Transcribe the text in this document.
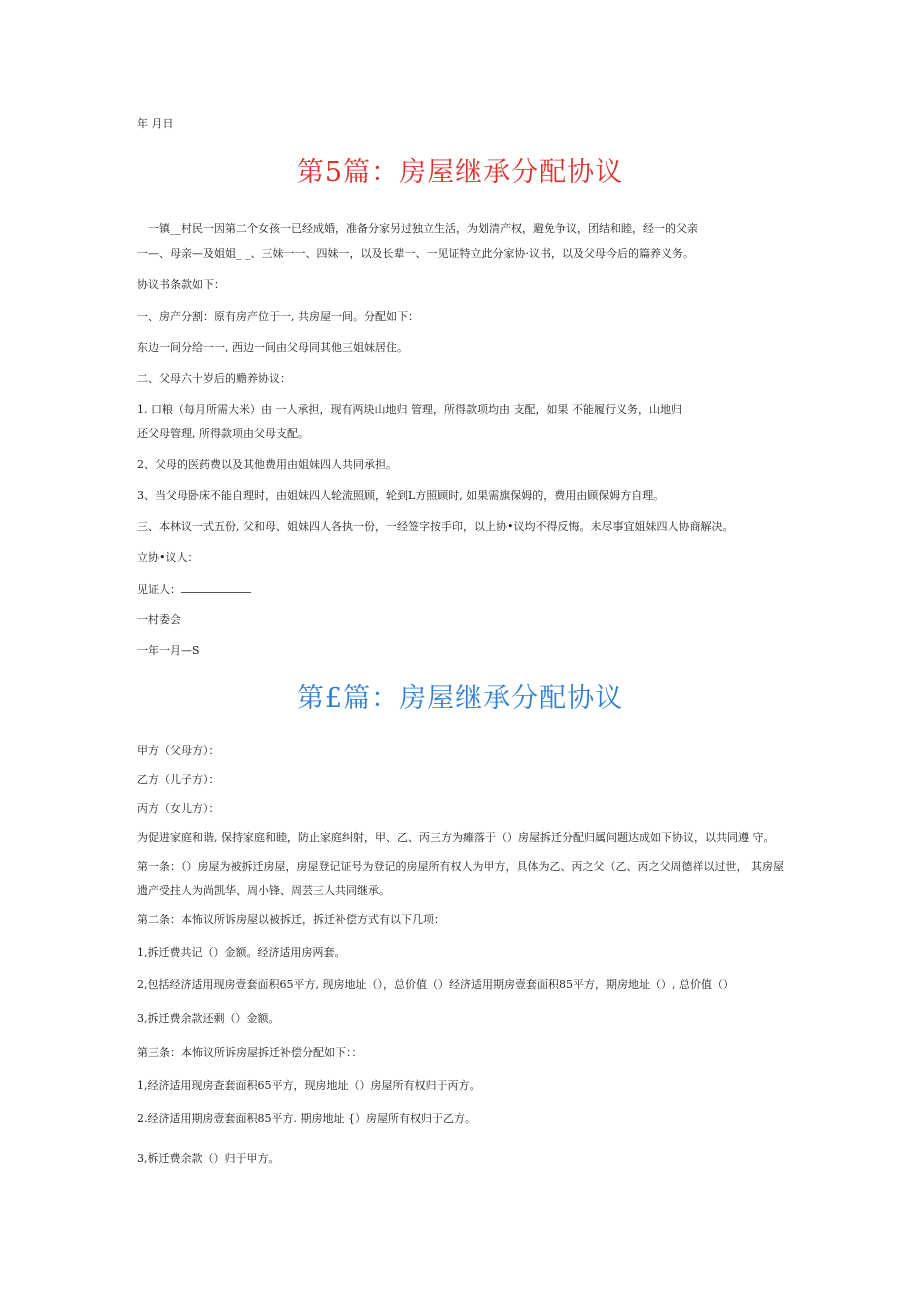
年 月日
第5篇：房屋继承分配协议
一镇__村民一因第二个女孩一已经成婚，准备分家另过独立生活，为划清产权，避免争议，团结和睦，经一的父亲
一—、母亲—及姐姐_ _、三妹一一、四妹一，以及长辈一、一见证特立此分家协·议书，以及父母今后的篇养义务。
协议书条款如下：
一、房产分割：原有房产位于一, 共房屋一间。分配如下：
东边一间分给一一, 西边一间由父母同其他三姐妹居住。
二、父母六十岁后的赡养协议：
1. 口粮（每月所需大米）由 一人承担，现有两块山地归 管理，所得款项均由 支配，如果 不能履行义务，山地归
还父母管理, 所得款项由父母支配。
2、父母的医药费以及其他费用由姐妹四人共同承担。
3、当父母卧床不能自理时，由姐妹四人轮流照顾，轮到L方照顾时, 如果需旗保姆的，费用由顾保姆方自理。
三、本林议一式五份, 父和母、姐妹四人各执一份，一经签字按手印，以上协•议均不得反悔。未尽事宜姐妹四人协商解决。
立协•议人：
见证人：
一村委会
一年一月—S
第£篇：房屋继承分配协议
甲方（父母方）：
乙方（儿子方）：
丙方（女儿方）：
为促进家庭和谐, 保持家庭和睦，防止家庭纠射，甲、乙、丙三方为瘫落于（）房屋拆迁分配归属问题达成如下协议，以共同遵 守。
第一条：（）房屋为被拆迁房屋，房屋登记证号为登记的房屋所有权人为甲方，具体为乙、丙之父（乙、丙之父周德祥以过世， 其房屋
遗产受拄人为尚凯华、周小锋、周芸三人共同继承。
第二条：本怖议所诉房屋以被拆迁，拆迁补偿方式有以下几项：
1,拆迁费共记（）金额。经济适用房两套。
2,包括经济适用现房壹套面积65平方, 现房地址（），总价值（）经济适用期房壹套面积85平方，期房地址（）, 总价值（）
3,拆迁费余款还剩（）金额。
第三条：本怖议所诉房屋拆迁补偿分配如下：：
1,经济适用现房查套面积65平方，现房地址（）房屋所有权归于丙方。
2.经济适用期房壹套面积85平方. 期房地址 {）房屋所有权归于乙方。
3,柝迁费余款（）归于甲方。
